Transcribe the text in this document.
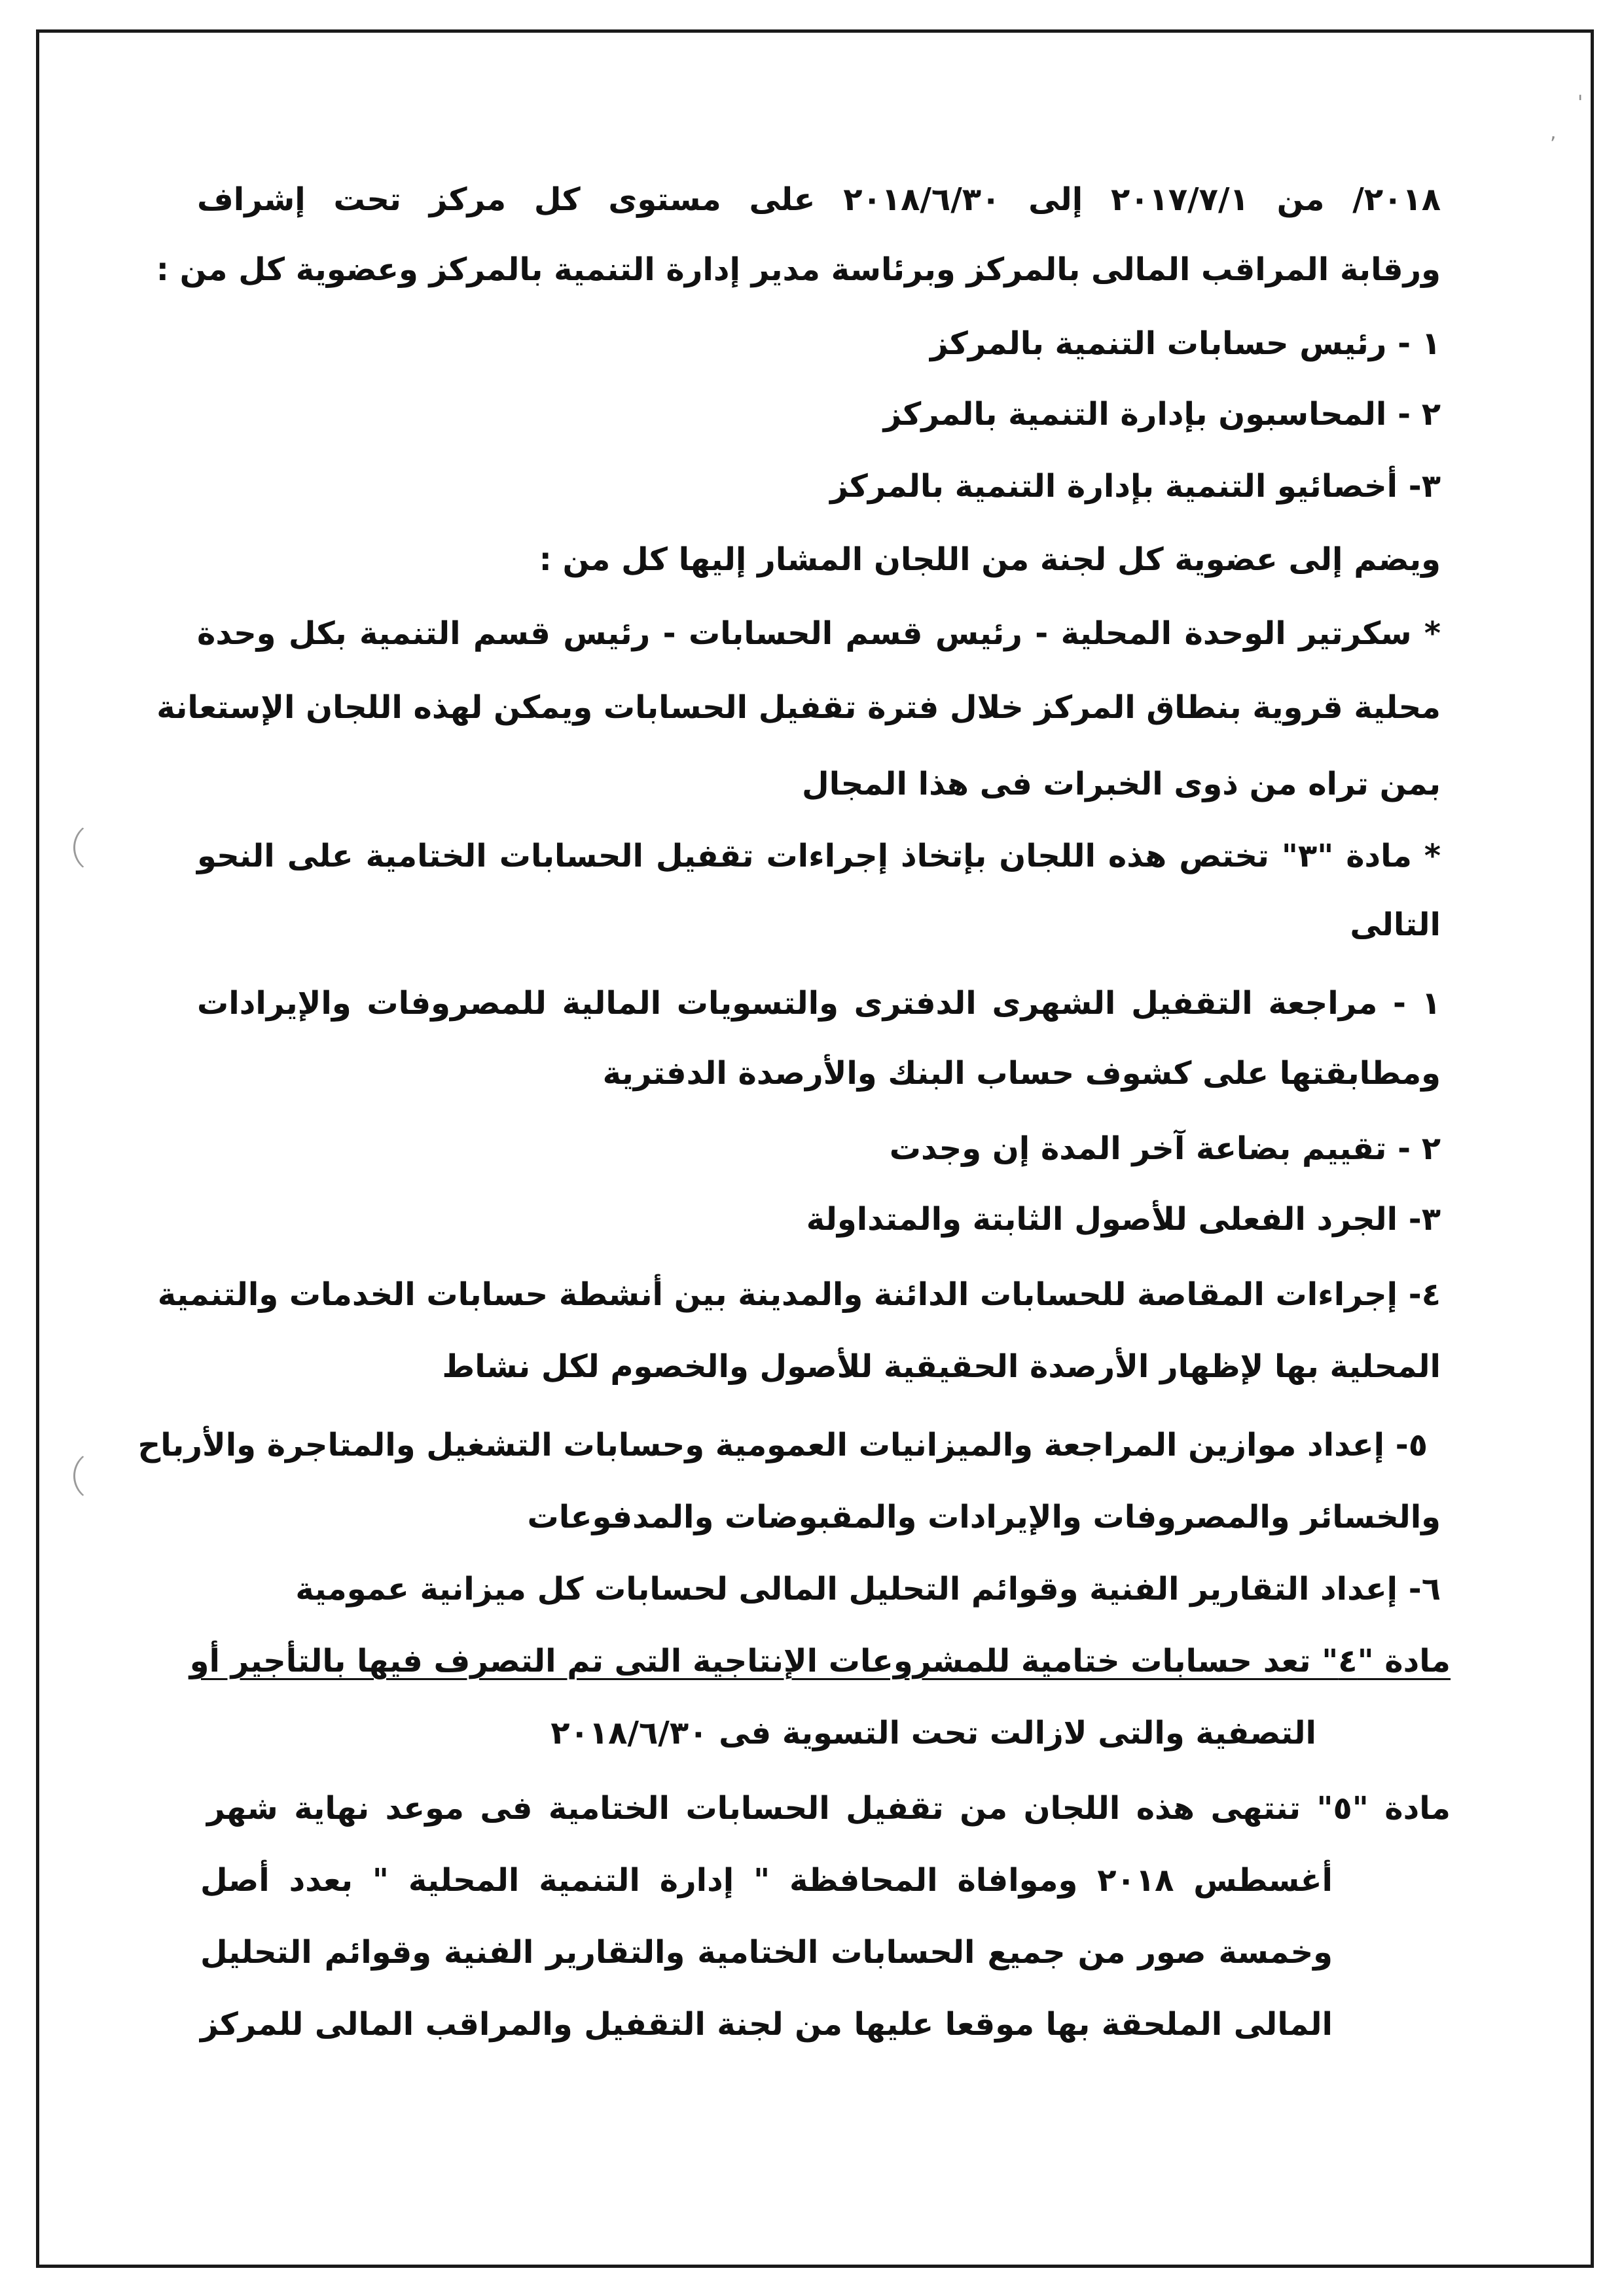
'
,
٢٠١٨/ من ٢٠١٧/٧/١ إلى ٢٠١٨/٦/٣٠ على مستوى كل مركز تحت إشراف
ورقابة المراقب المالى بالمركز وبرئاسة مدير إدارة التنمية بالمركز وعضوية كل من :
١ - رئيس حسابات التنمية بالمركز
٢ - المحاسبون بإدارة التنمية بالمركز
٣- أخصائيو التنمية بإدارة التنمية بالمركز
ويضم إلى عضوية كل لجنة من اللجان المشار إليها كل من :
* سكرتير الوحدة المحلية - رئيس قسم الحسابات - رئيس قسم التنمية بكل وحدة
محلية قروية بنطاق المركز خلال فترة تقفيل الحسابات ويمكن لهذه اللجان الإستعانة
بمن تراه من ذوى الخبرات فى هذا المجال
* مادة "٣" تختص هذه اللجان بإتخاذ إجراءات تقفيل الحسابات الختامية على النحو
التالى
١ - مراجعة التقفيل الشهرى الدفترى والتسويات المالية للمصروفات والإيرادات
ومطابقتها على كشوف حساب البنك والأرصدة الدفترية
٢ - تقييم بضاعة آخر المدة إن وجدت
٣- الجرد الفعلى للأصول الثابتة والمتداولة
٤- إجراءات المقاصة للحسابات الدائنة والمدينة بين أنشطة حسابات الخدمات والتنمية
المحلية بها لإظهار الأرصدة الحقيقية للأصول والخصوم لكل نشاط
٥- إعداد موازين المراجعة والميزانيات العمومية وحسابات التشغيل والمتاجرة والأرباح
والخسائر والمصروفات والإيرادات والمقبوضات والمدفوعات
٦- إعداد التقارير الفنية وقوائم التحليل المالى لحسابات كل ميزانية عمومية
مادة "٤" تعد حسابات ختامية للمشروعات الإنتاجية التى تم التصرف فيها بالتأجير أو
التصفية والتى لازالت تحت التسوية فى ٢٠١٨/٦/٣٠
مادة "٥" تنتهى هذه اللجان من تقفيل الحسابات الختامية فى موعد نهاية شهر
أغسطس ٢٠١٨ وموافاة المحافظة " إدارة التنمية المحلية " بعدد أصل
وخمسة صور من جميع الحسابات الختامية والتقارير الفنية وقوائم التحليل
المالى الملحقة بها موقعا عليها من لجنة التقفيل والمراقب المالى للمركز
